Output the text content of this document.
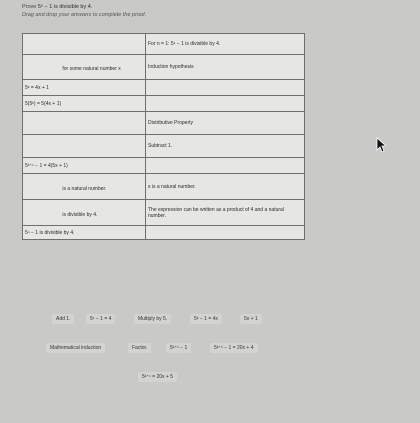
Prove 5ⁿ − 1 is divisible by 4.
Drag and drop your answers to complete the proof.
	For n = 1: 5¹ − 1 is divisible by 4.
for some natural number x	Induction hypothesis
5ᵏ = 4x + 1	
5(5ᵏ) = 5(4x + 1)	
	Distributive Property
	Subtract 1.
5ᵏ⁺¹ − 1 = 4(5x + 1)	
is a natural number.	x is a natural number.
is divisible by 4.	The expression can be written as a product of 4 and a natural number.
5ⁿ − 1 is divisible by 4.	
Add 1.	5¹ − 1 = 4	Multiply by 5.	5ᵏ − 1 = 4x	5x + 1
Mathematical induction	Factor.	5ᵏ⁺¹ − 1	5ᵏ⁺¹ − 1 = 20x + 4
5ᵏ⁺¹ = 20x + 5
